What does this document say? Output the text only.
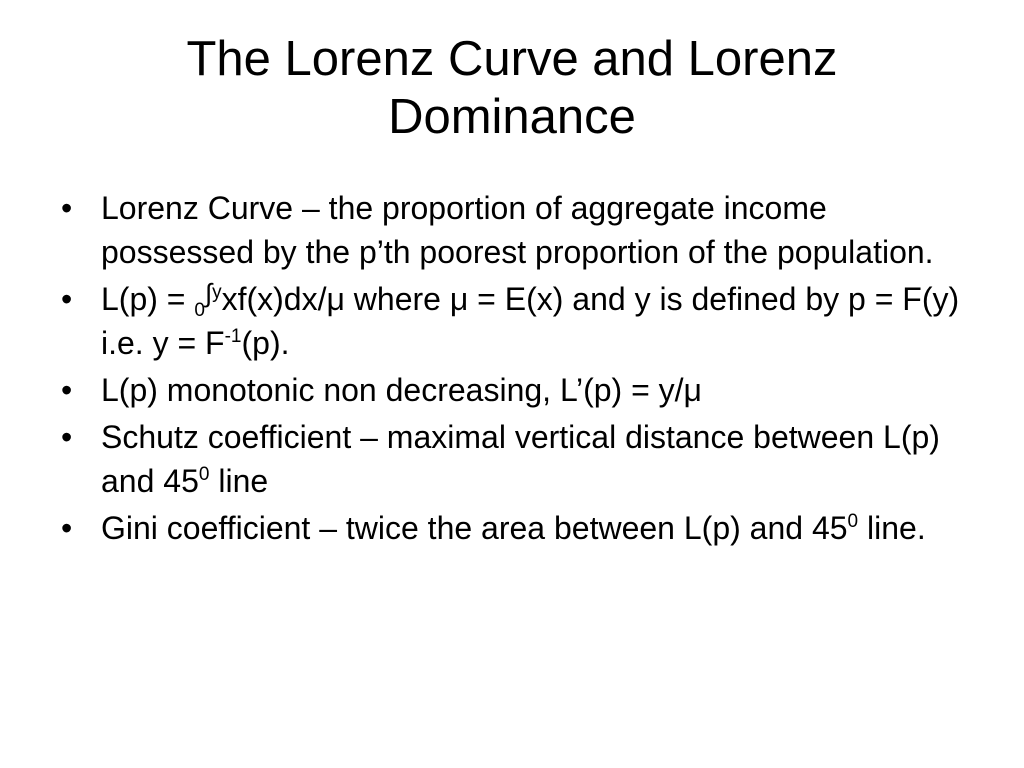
The Lorenz Curve and Lorenz Dominance
• Lorenz Curve – the proportion of aggregate income possessed by the p’th poorest proportion of the population.
• L(p) = $_0^{\int y}$xf(x)dx/μ where μ = E(x) and y is defined by p = F(y) i.e. $y = F^{-1}(p)$.
• L(p) monotonic non decreasing, L’(p) = y/μ
• Schutz coefficient – maximal vertical distance between L(p) and $45^0$ line
• Gini coefficient – twice the area between L(p) and $45^0$ line.
